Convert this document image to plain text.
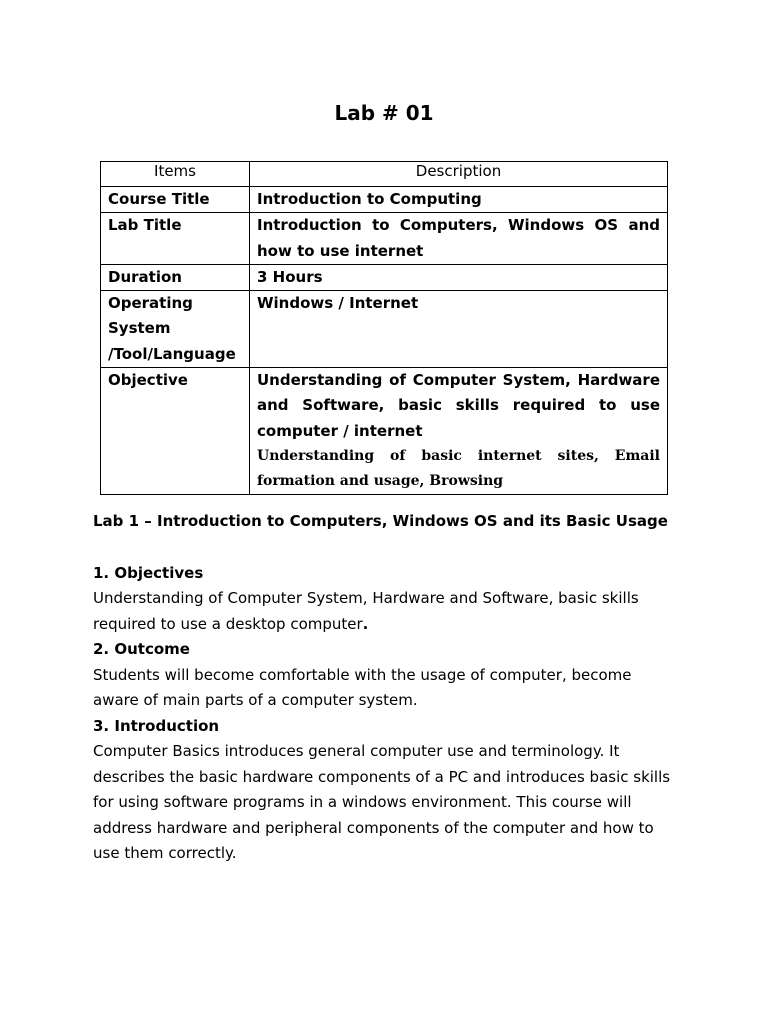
Lab # 01
Items	Description
Course Title	Introduction to Computing
Lab Title	Introduction to Computers, Windows OS and how to use internet
Duration	3 Hours
Operating System /Tool/Language	Windows / Internet
Objective	Understanding of Computer System, Hardware and Software, basic skills required to use computer / internet
Understanding of basic internet sites, Email formation and usage, Browsing

Lab 1 – Introduction to Computers, Windows OS and its Basic Usage

1. Objectives

Understanding of Computer System, Hardware and Software, basic skills required to use a desktop computer.

2. Outcome

Students will become comfortable with the usage of computer, become aware of main parts of a computer system.

3. Introduction

Computer Basics introduces general computer use and terminology. It describes the basic hardware components of a PC and introduces basic skills for using software programs in a windows environment. This course will address hardware and peripheral components of the computer and how to use them correctly.
